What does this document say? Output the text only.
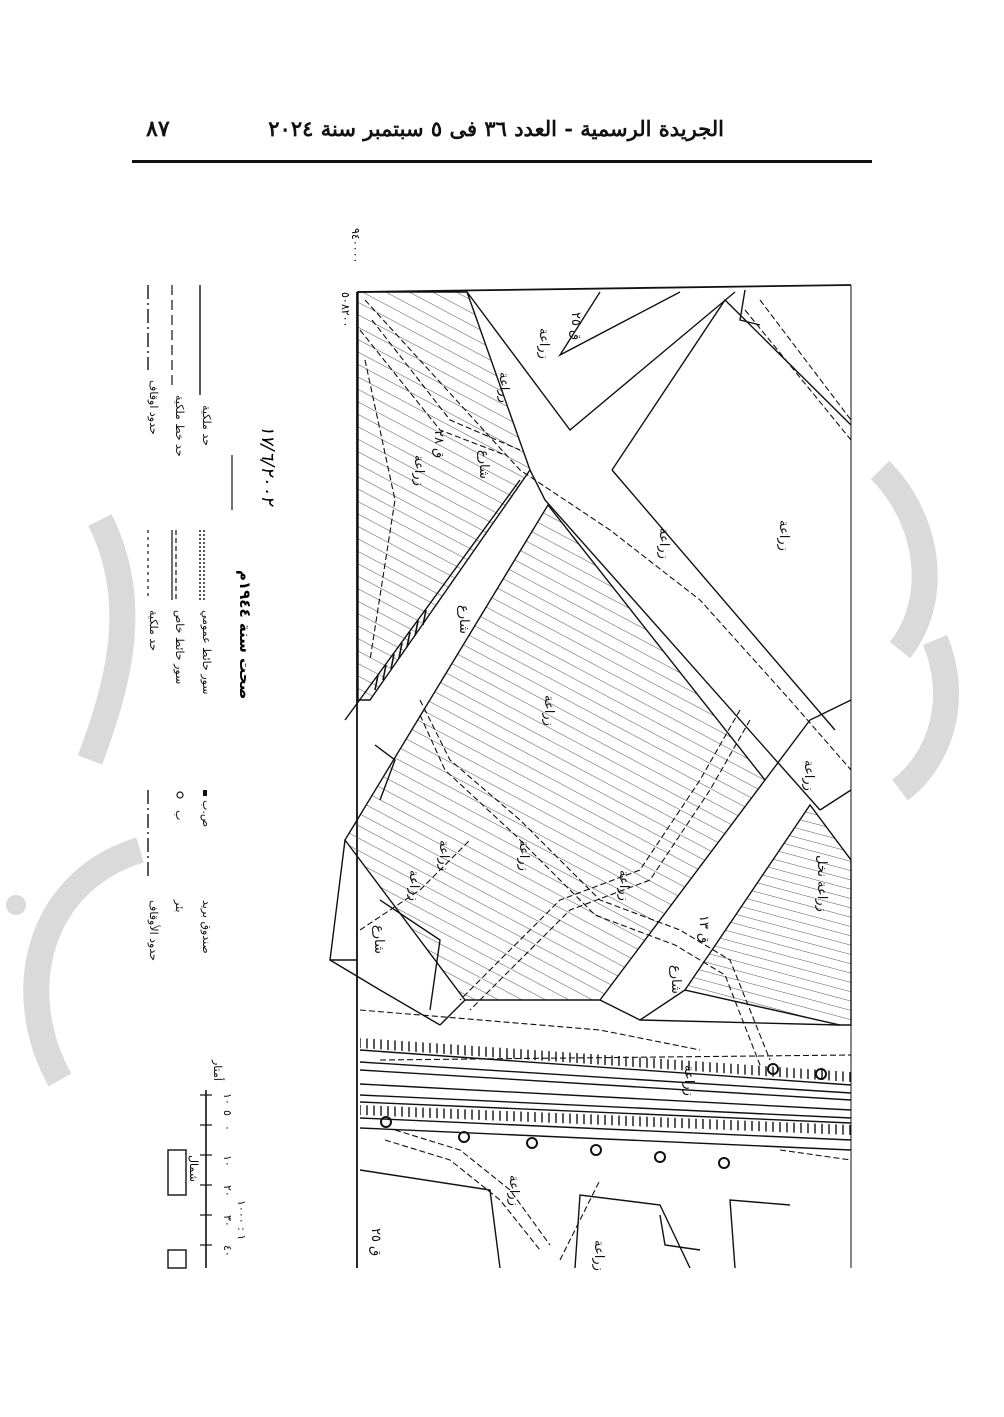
الجريدة الرسمية - العدد ٣٦ فى ٥ سبتمبر سنة ٢٠٢٤
٨٧
٩٤٠٠٠٠
٥٠٨٢٠٠
زراعة
زراعة
ق ٢٥
زراعة
ق ٢٨
زراعة
شارع
شارع
زراعة
زراعة
زراعة
زراعة
زراعة
زراعة
شارع
ق ١٣
شارع
زراعة نخل
زراعة
زراعة
زراعة
زراعة
ق ٢٥
صحت سنة ١٩٤٤م
١٧/٦/٢٠٠٢
حد ملكية
سور حائط عمومي
صندوق بريد
ص.ب
حد خط ملكية
سور حائط خاص
بئر
ب
حدود اوقاف
حد ملكية
حدود الأوقاف
أمتار
١ : ١٠٠٠
١٠
٥
٠
١٠
٢٠
٣٠
٤٠
شمال
